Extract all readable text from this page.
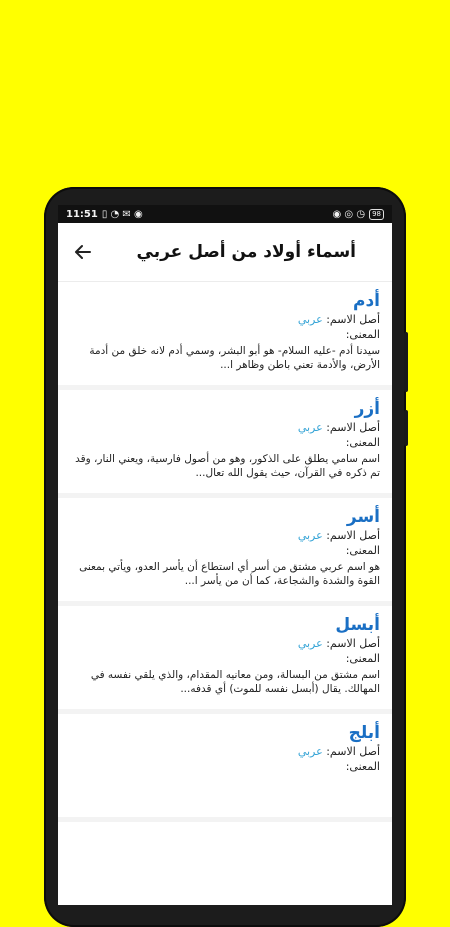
11:51 ▯ ◔ ✉ ◉	◉ ◎ ◷	98
أسماء أولاد من أصل عربي
أدم
أصل الاسم: عربي
المعنى:
سيدنا أدم -عليه السلام- هو أبو البشر، وسمي أدم لانه خلق من أدمة الأرض، والأدمة تعني باطن وظاهر ا...
أزر
أصل الاسم: عربي
المعنى:
اسم سامي يطلق على الذكور، وهو من أصول فارسية، ويعني النار، وقد تم ذكره في القرآن، حيث يقول الله تعال...
أسر
أصل الاسم: عربي
المعنى:
هو اسم عربي مشتق من أسر أي استطاع أن يأسر العدو، ويأتي بمعنى القوة والشدة والشجاعة، كما أن من يأسر ا...
أبسل
أصل الاسم: عربي
المعنى:
اسم مشتق من البسالة، ومن معانيه المقدام، والذي يلقي نفسه في المهالك. يقال (أبسل نفسه للموت) أي قدفه...
أبلج
أصل الاسم: عربي
المعنى:
